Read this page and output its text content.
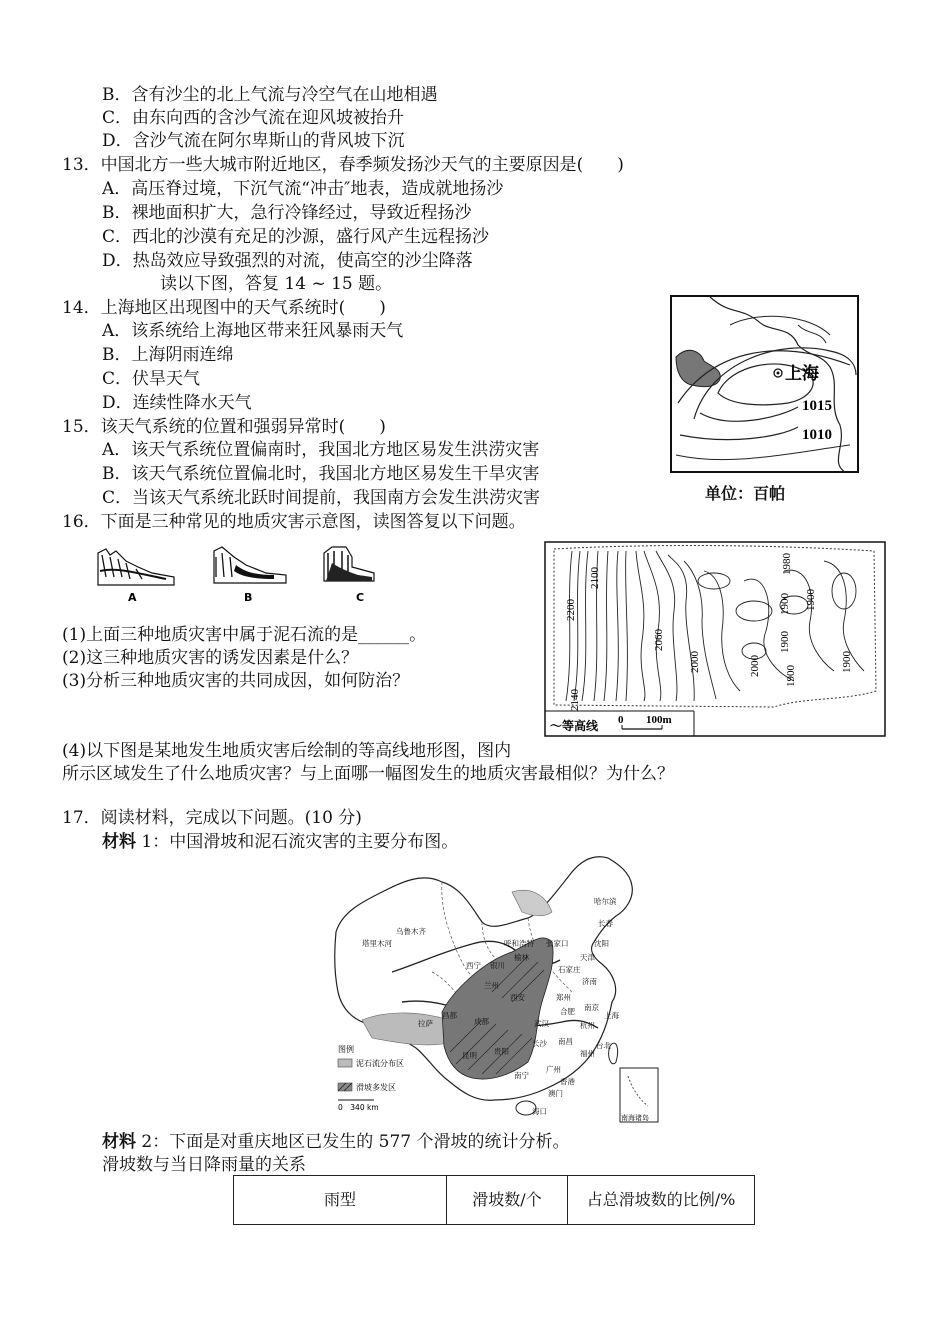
B．含有沙尘的北上气流与冷空气在山地相遇
C．由东向西的含沙气流在迎风坡被抬升
D．含沙气流在阿尔卑斯山的背风坡下沉
13．中国北方一些大城市附近地区，春季频发扬沙天气的主要原因是(　　)
A．高压脊过境，下沉气流“冲击″地表，造成就地扬沙
B．裸地面积扩大，急行冷锋经过，导致近程扬沙
C．西北的沙漠有充足的沙源，盛行风产生远程扬沙
D．热岛效应导致强烈的对流，使高空的沙尘降落
读以下图，答复 14 ~ 15 题。
14．上海地区出现图中的天气系统时(　　)
A．该系统给上海地区带来狂风暴雨天气
B．上海阴雨连绵
C．伏旱天气
D．连续性降水天气
15．该天气系统的位置和强弱异常时(　　)
A．该天气系统位置偏南时，我国北方地区易发生洪涝灾害
B．该天气系统位置偏北时，我国北方地区易发生干旱灾害
C．当该天气系统北跃时间提前，我国南方会发生洪涝灾害
16．下面是三种常见的地质灾害示意图，读图答复以下问题。
(1)上面三种地质灾害中属于泥石流的是______。
(2)这三种地质灾害的诱发因素是什么？
(3)分析三种地质灾害的共同成因，如何防治？
(4)以下图是某地发生地质灾害后绘制的等高线地形图，图内
所示区域发生了什么地质灾害？与上面哪一幅图发生的地质灾害最相似？为什么？
17．阅读材料，完成以下问题。(10 分)
材料 1：中国滑坡和泥石流灾害的主要分布图。
材料 2：下面是对重庆地区已发生的 577 个滑坡的统计分析。
滑坡数与当日降雨量的关系
上海
1015
1010
单位：百帕
A	B	C
2100
2200
2060
2140
2000
1980
1900 1900
1900
2000 1900
1900
～等高线 0 100m
南海诸岛
哈尔滨
长春
乌鲁木齐
塔里木河	沈阳
呼和浩特 张家口
天津
西宁 银川
榆林
石家庄
济南
兰州
西安	郑州
拉萨
昌都
成都
合肥 南京
上海
武汉	杭州
昆明 贵阳
长沙 南昌
福州
台北
南宁
广州
香港
澳门
海口
图例
泥石流分布区
滑坡多发区
0　340 km
雨型	滑坡数/个	占总滑坡数的比例/%
